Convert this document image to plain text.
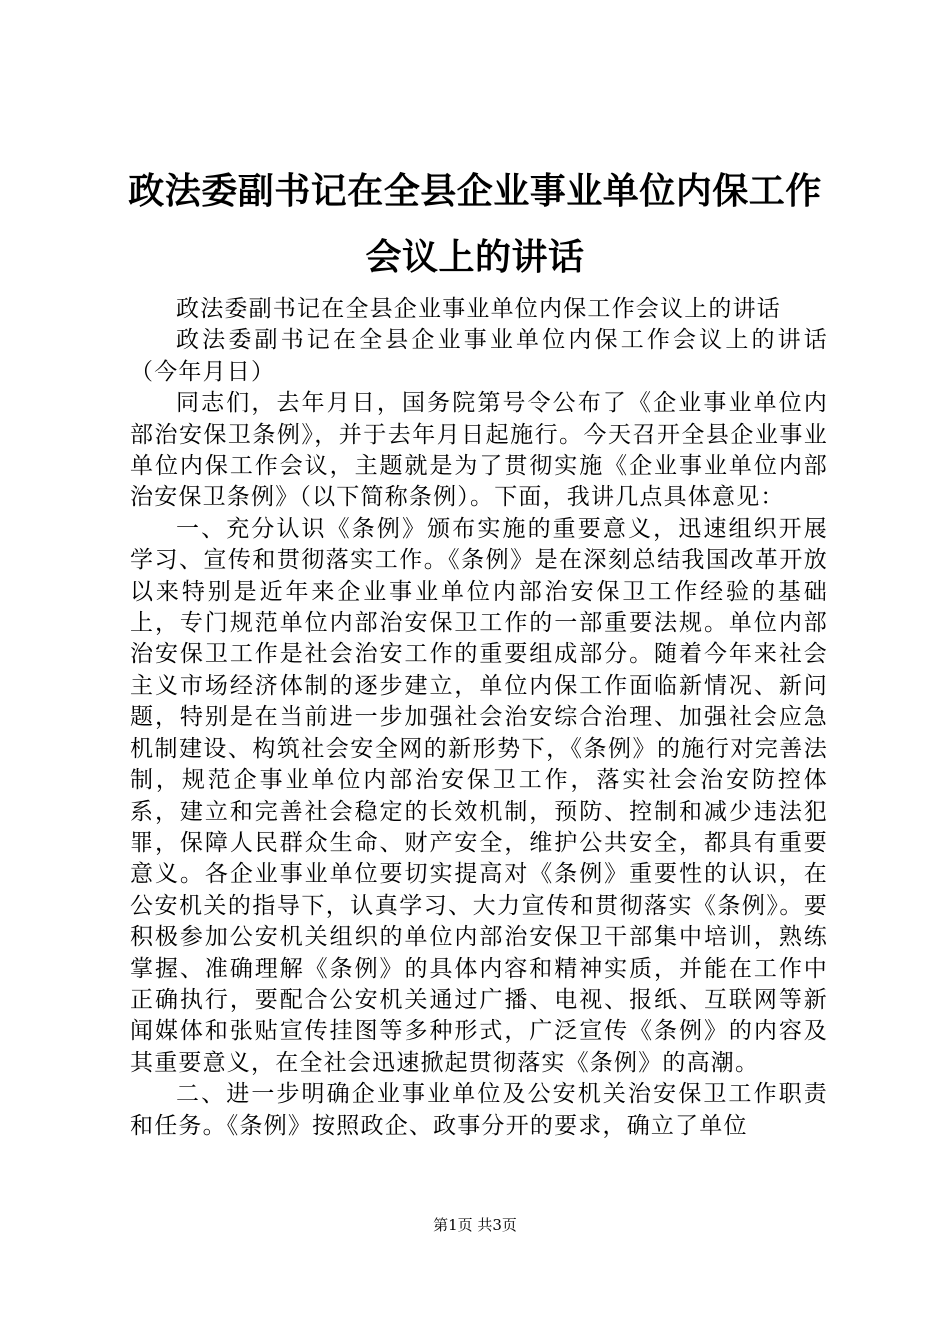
政法委副书记在全县企业事业单位内保工作会议上的讲话

政法委副书记在全县企业事业单位内保工作会议上的讲话

政法委副书记在全县企业事业单位内保工作会议上的讲话（今年月日）

同志们，去年月日，国务院第号令公布了《企业事业单位内部治安保卫条例》，并于去年月日起施行。今天召开全县企业事业单位内保工作会议，主题就是为了贯彻实施《企业事业单位内部治安保卫条例》（以下简称条例）。下面，我讲几点具体意见：

一、充分认识《条例》颁布实施的重要意义，迅速组织开展学习、宣传和贯彻落实工作。《条例》是在深刻总结我国改革开放以来特别是近年来企业事业单位内部治安保卫工作经验的基础上，专门规范单位内部治安保卫工作的一部重要法规。单位内部治安保卫工作是社会治安工作的重要组成部分。随着今年来社会主义市场经济体制的逐步建立，单位内保工作面临新情况、新问题，特别是在当前进一步加强社会治安综合治理、加强社会应急机制建设、构筑社会安全网的新形势下，《条例》的施行对完善法制，规范企事业单位内部治安保卫工作，落实社会治安防控体系，建立和完善社会稳定的长效机制，预防、控制和减少违法犯罪，保障人民群众生命、财产安全，维护公共安全，都具有重要意义。各企业事业单位要切实提高对《条例》重要性的认识，在公安机关的指导下，认真学习、大力宣传和贯彻落实《条例》。要积极参加公安机关组织的单位内部治安保卫干部集中培训，熟练掌握、准确理解《条例》的具体内容和精神实质，并能在工作中正确执行，要配合公安机关通过广播、电视、报纸、互联网等新闻媒体和张贴宣传挂图等多种形式，广泛宣传《条例》的内容及其重要意义，在全社会迅速掀起贯彻落实《条例》的高潮。

二、进一步明确企业事业单位及公安机关治安保卫工作职责和任务。《条例》按照政企、政事分开的要求，确立了单位

第1页 共3页
